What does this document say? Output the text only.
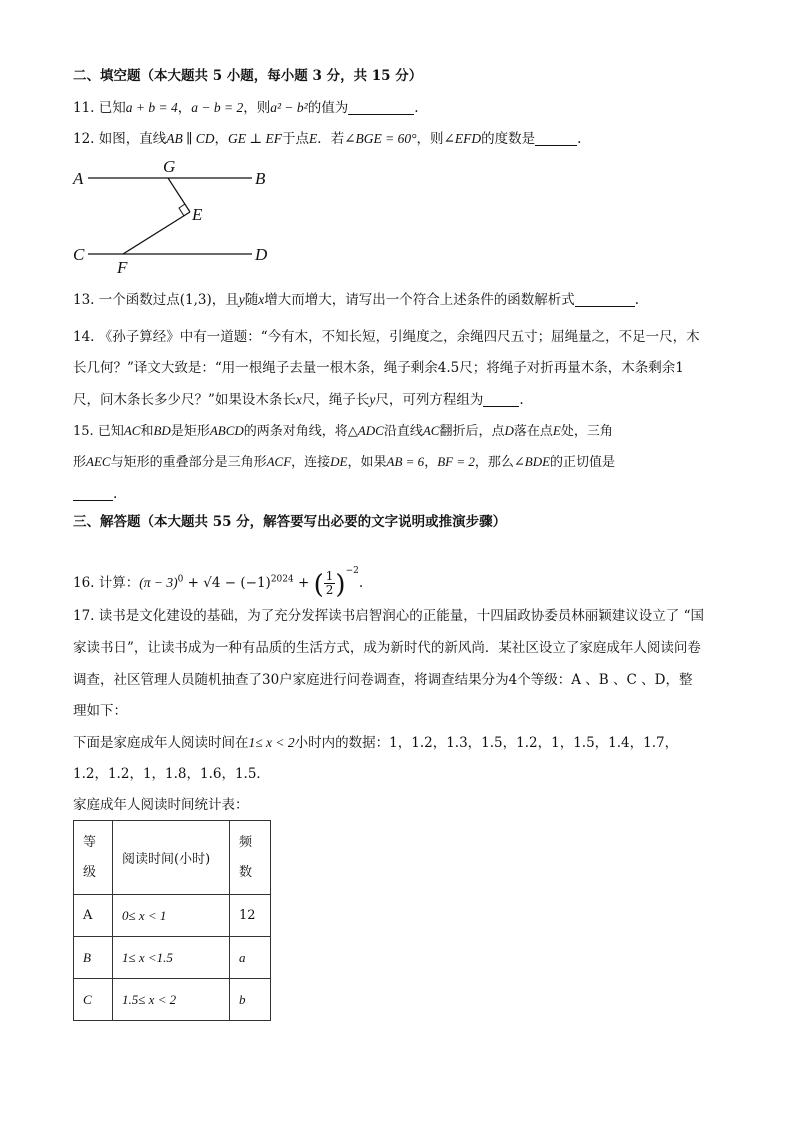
二、填空题（本大题共 5 小题，每小题 3 分，共 15 分）
11. 已知a + b = 4，a − b = 2，则a² − b²的值为	.
12. 如图，直线AB ∥ CD，GE ⊥ EF于点E．若∠BGE = 60°，则∠EFD的度数是	.
A	B
G
E
C	D
F
13. 一个函数过点(1,3)，且y随x增大而增大，请写出一个符合上述条件的函数解析式	.
14. 《孙子算经》中有一道题：“今有木，不知长短，引绳度之，余绳四尺五寸；屈绳量之，不足一尺，木
长几何？”译文大致是：“用一根绳子去量一根木条，绳子剩余4.5尺；将绳子对折再量木条，木条剩余1
尺，问木条长多少尺？”如果设木条长x尺，绳子长y尺，可列方程组为	.
15. 已知AC和BD是矩形ABCD的两条对角线，将△ADC沿直线AC翻折后，点D落在点E处，三角
形AEC与矩形的重叠部分是三角形ACF，连接DE，如果AB = 6，BF = 2，那么∠BDE的正切值是
.
三、解答题（本大题共 55 分，解答要写出必要的文字说明或推演步骤）
16. 计算：$(\pi - 3)^0 + √4 - (-1)^{2024}$ + ( $\frac{1}{2} )^{-2}$.
17. 读书是文化建设的基础，为了充分发挥读书启智润心的正能量，十四届政协委员林丽颖建议设立了 “国
家读书日”，让读书成为一种有品质的生活方式，成为新时代的新风尚．某社区设立了家庭成年人阅读问卷
调查，社区管理人员随机抽查了30户家庭进行问卷调查，将调查结果分为4个等级：A 、B 、C 、D，整
理如下：
下面是家庭成年人阅读时间在1≤ x < 2小时内的数据：1，1.2，1.3，1.5，1.2，1，1.5，1.4，1.7，
1.2，1.2，1，1.8，1.6，1.5．
家庭成年人阅读时间统计表：
等
级	阅读时间(小时)	频
数
A	0≤ x < 1	12
B	1≤ x <1.5	a
C	1.5≤ x < 2	b
